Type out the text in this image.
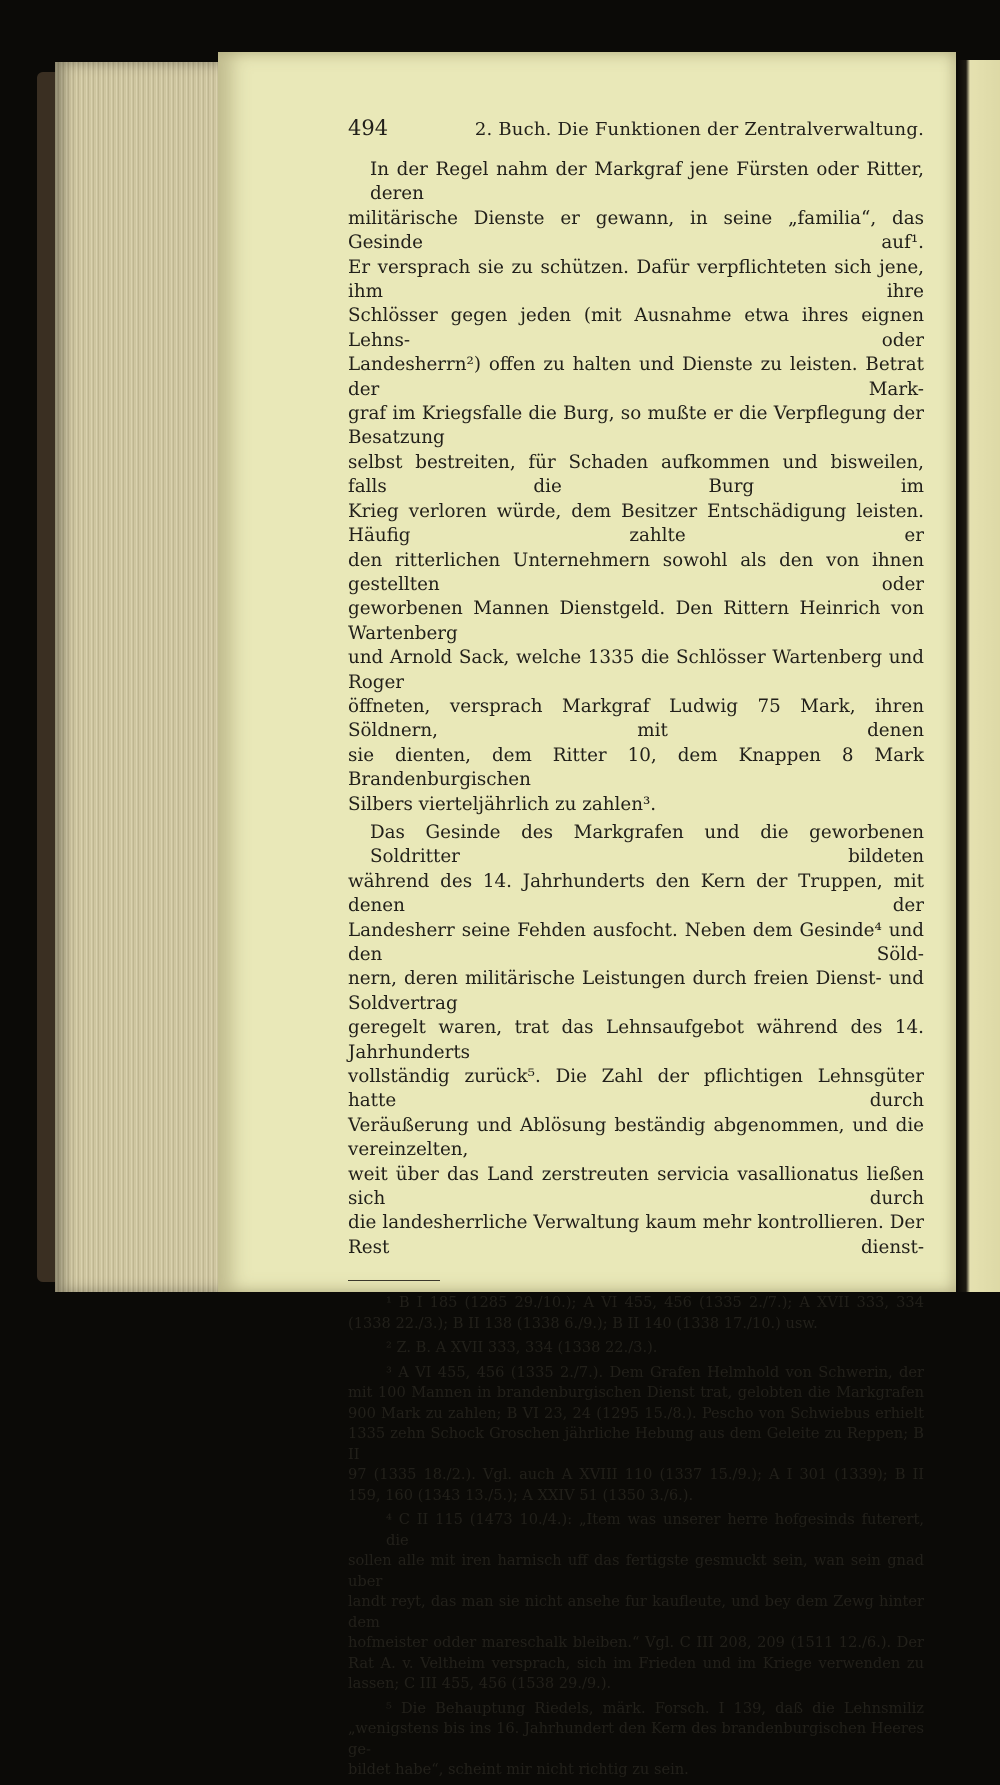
494	2. Buch. Die Funktionen der Zentralverwaltung.
In der Regel nahm der Markgraf jene Fürsten oder Ritter, deren
militärische Dienste er gewann, in seine „familia“, das Gesinde auf¹.
Er versprach sie zu schützen. Dafür verpflichteten sich jene, ihm ihre
Schlösser gegen jeden (mit Ausnahme etwa ihres eignen Lehns- oder
Landesherrn²) offen zu halten und Dienste zu leisten. Betrat der Mark-
graf im Kriegsfalle die Burg, so mußte er die Verpflegung der Besatzung
selbst bestreiten, für Schaden aufkommen und bisweilen, falls die Burg im
Krieg verloren würde, dem Besitzer Entschädigung leisten. Häufig zahlte er
den ritterlichen Unternehmern sowohl als den von ihnen gestellten oder
geworbenen Mannen Dienstgeld. Den Rittern Heinrich von Wartenberg
und Arnold Sack, welche 1335 die Schlösser Wartenberg und Roger
öffneten, versprach Markgraf Ludwig 75 Mark, ihren Söldnern, mit denen
sie dienten, dem Ritter 10, dem Knappen 8 Mark Brandenburgischen
Silbers vierteljährlich zu zahlen³.
Das Gesinde des Markgrafen und die geworbenen Soldritter bildeten
während des 14. Jahrhunderts den Kern der Truppen, mit denen der
Landesherr seine Fehden ausfocht. Neben dem Gesinde⁴ und den Söld-
nern, deren militärische Leistungen durch freien Dienst- und Soldvertrag
geregelt waren, trat das Lehnsaufgebot während des 14. Jahrhunderts
vollständig zurück⁵. Die Zahl der pflichtigen Lehnsgüter hatte durch
Veräußerung und Ablösung beständig abgenommen, und die vereinzelten,
weit über das Land zerstreuten servicia vasallionatus ließen sich durch
die landesherrliche Verwaltung kaum mehr kontrollieren. Der Rest dienst-
¹ B I 185 (1285 29./10.); A VI 455, 456 (1335 2./7.); A XVII 333, 334
(1338 22./3.); B II 138 (1338 6./9.); B II 140 (1338 17./10.) usw.
² Z. B. A XVII 333, 334 (1338 22./3.).
³ A VI 455, 456 (1335 2./7.). Dem Grafen Helmhold von Schwerin, der
mit 100 Mannen in brandenburgischen Dienst trat, gelobten die Markgrafen
900 Mark zu zahlen; B VI 23, 24 (1295 15./8.). Pescho von Schwiebus erhielt
1335 zehn Schock Groschen jährliche Hebung aus dem Geleite zu Reppen; B II
97 (1335 18./2.). Vgl. auch A XVIII 110 (1337 15./9.); A I 301 (1339); B II
159, 160 (1343 13./5.); A XXIV 51 (1350 3./6.).
⁴ C II 115 (1473 10./4.): „Item was unserer herre hofgesinds futerert, die
sollen alle mit iren harnisch uff das fertigste gesmuckt sein, wan sein gnad uber
landt reyt, das man sie nicht ansehe fur kaufleute, und bey dem Zewg hinter dem
hofmeister odder mareschalk bleiben.“ Vgl. C III 208, 209 (1511 12./6.). Der
Rat A. v. Veltheim versprach, sich im Frieden und im Kriege verwenden zu
lassen; C III 455, 456 (1538 29./9.).
⁵ Die Behauptung Riedels, märk. Forsch. I 139, daß die Lehnsmiliz
„wenigstens bis ins 16. Jahrhundert den Kern des brandenburgischen Heeres ge-
bildet habe“, scheint mir nicht richtig zu sein.
